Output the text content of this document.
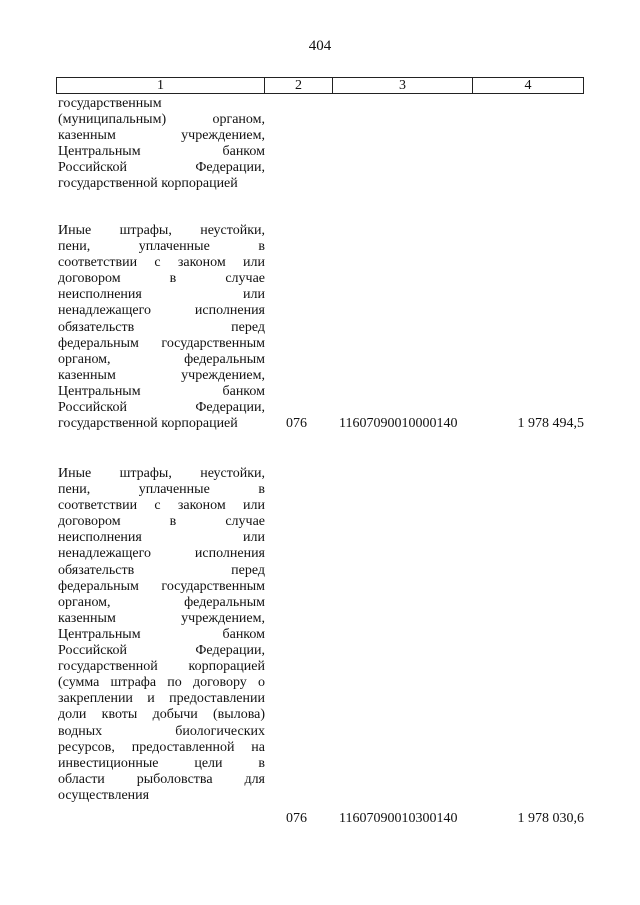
404
1	2	3	4
государственным
(муниципальным) органом,
казенным учреждением,
Центральным банком
Российской Федерации,
государственной корпорацией
Иные штрафы, неустойки,
пени, уплаченные в
соответствии с законом или
договором в случае
неисполнения или
ненадлежащего исполнения
обязательств перед
федеральным государственным
органом, федеральным
казенным учреждением,
Центральным банком
Российской Федерации,
государственной корпорацией	076 11607090010000140	1 978 494,5
Иные штрафы, неустойки,
пени, уплаченные в
соответствии с законом или
договором в случае
неисполнения или
ненадлежащего исполнения
обязательств перед
федеральным государственным
органом, федеральным
казенным учреждением,
Центральным банком
Российской Федерации,
государственной корпорацией
(сумма штрафа по договору о
закреплении и предоставлении
доли квоты добычи (вылова)
водных биологических
ресурсов, предоставленной на
инвестиционные цели в
области рыболовства для
осуществления
076 11607090010300140	1 978 030,6
